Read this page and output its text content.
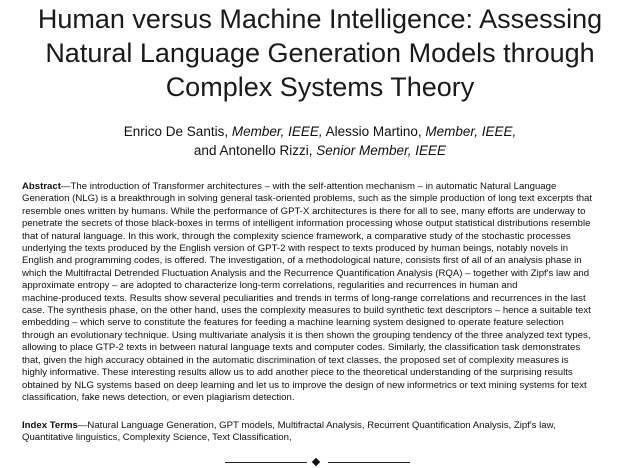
Human versus Machine Intelligence: Assessing
Natural Language Generation Models through
Complex Systems Theory
Enrico De Santis, Member, IEEE, Alessio Martino, Member, IEEE,
and Antonello Rizzi, Senior Member, IEEE
Abstract—The introduction of Transformer architectures – with the self-attention mechanism – in automatic Natural Language
Generation (NLG) is a breakthrough in solving general task-oriented problems, such as the simple production of long text excerpts that
resemble ones written by humans. While the performance of GPT-X architectures is there for all to see, many efforts are underway to
penetrate the secrets of those black-boxes in terms of intelligent information processing whose output statistical distributions resemble
that of natural language. In this work, through the complexity science framework, a comparative study of the stochastic processes
underlying the texts produced by the English version of GPT-2 with respect to texts produced by human beings, notably novels in
English and programming codes, is offered. The investigation, of a methodological nature, consists first of all of an analysis phase in
which the Multifractal Detrended Fluctuation Analysis and the Recurrence Quantification Analysis (RQA) – together with Zipf's law and
approximate entropy – are adopted to characterize long-term correlations, regularities and recurrences in human and
machine-produced texts. Results show several peculiarities and trends in terms of long-range correlations and recurrences in the last
case. The synthesis phase, on the other hand, uses the complexity measures to build synthetic text descriptors – hence a suitable text
embedding – which serve to constitute the features for feeding a machine learning system designed to operate feature selection
through an evolutionary technique. Using multivariate analysis it is then shown the grouping tendency of the three analyzed text types,
allowing to place GTP-2 texts in between natural language texts and computer codes. Similarly, the classification task demonstrates
that, given the high accuracy obtained in the automatic discrimination of text classes, the proposed set of complexity measures is
highly informative. These interesting results allow us to add another piece to the theoretical understanding of the surprising results
obtained by NLG systems based on deep learning and let us to improve the design of new informetrics or text mining systems for text
classification, fake news detection, or even plagiarism detection.
Index Terms—Natural Language Generation, GPT models, Multifractal Analysis, Recurrent Quantification Analysis, Zipf's law,
Quantitative linguistics, Complexity Science, Text Classification,
